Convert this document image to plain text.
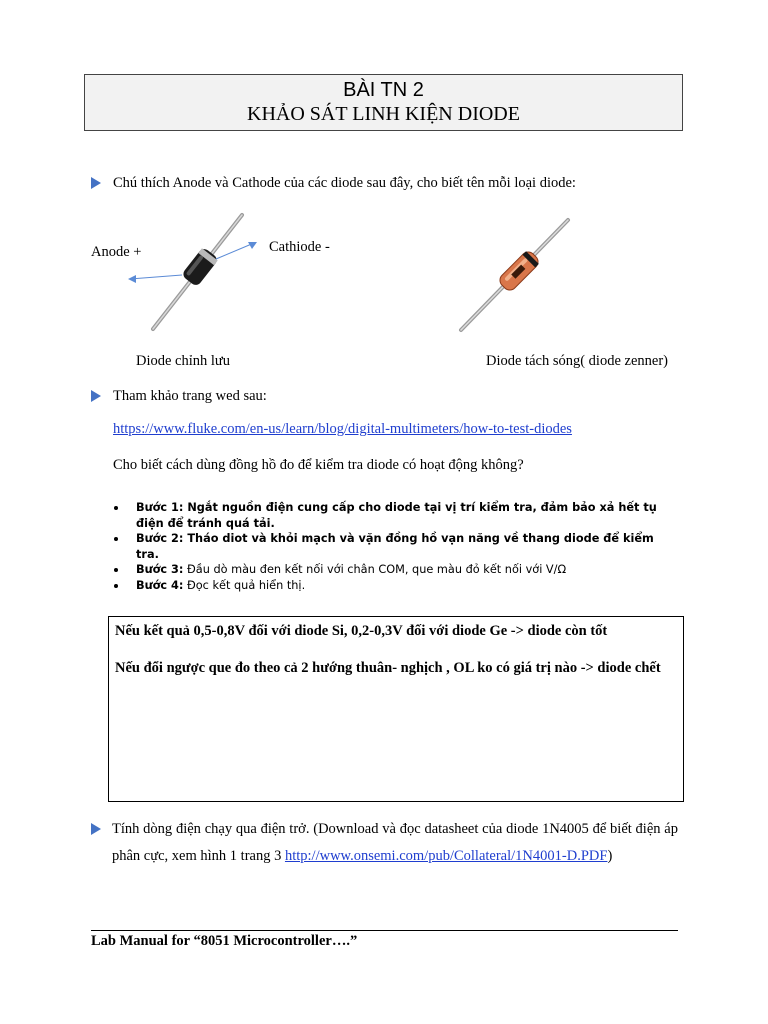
BÀI TN 2
KHẢO SÁT LINH KIỆN DIODE
Chú thích Anode và Cathode của các diode sau đây, cho biết tên mỗi loại diode:
Anode +	Cathiode -
Diode chỉnh lưu	Diode tách sóng( diode zenner)
Tham khảo trang wed sau:
https://www.fluke.com/en-us/learn/blog/digital-multimeters/how-to-test-diodes
Cho biết cách dùng đồng hồ đo để kiểm tra diode có hoạt động không?
Bước 1: Ngắt nguồn điện cung cấp cho diode tại vị trí kiểm tra, đảm bảo xả hết tụ điện để tránh quá tải.
Bước 2: Tháo diot và khỏi mạch và vặn đồng hồ vạn năng về thang diode để kiểm tra.
Bước 3: Đầu dò màu đen kết nối với chân COM, que màu đỏ kết nối với V/Ω
Bước 4: Đọc kết quả hiển thị.

Nếu kết quả 0,5-0,8V đối với diode Si, 0,2-0,3V đối với diode Ge -> diode còn tốt

Nếu đổi ngược que đo theo cả 2 hướng thuân- nghịch , OL ko có giá trị nào -> diode chết

Tính dòng điện chạy qua điện trở. (Download và đọc datasheet của diode 1N4005 để biết điện áp phân cực, xem hình 1 trang 3 http://www.onsemi.com/pub/Collateral/1N4001-D.PDF)
Lab Manual for “8051 Microcontroller….”
